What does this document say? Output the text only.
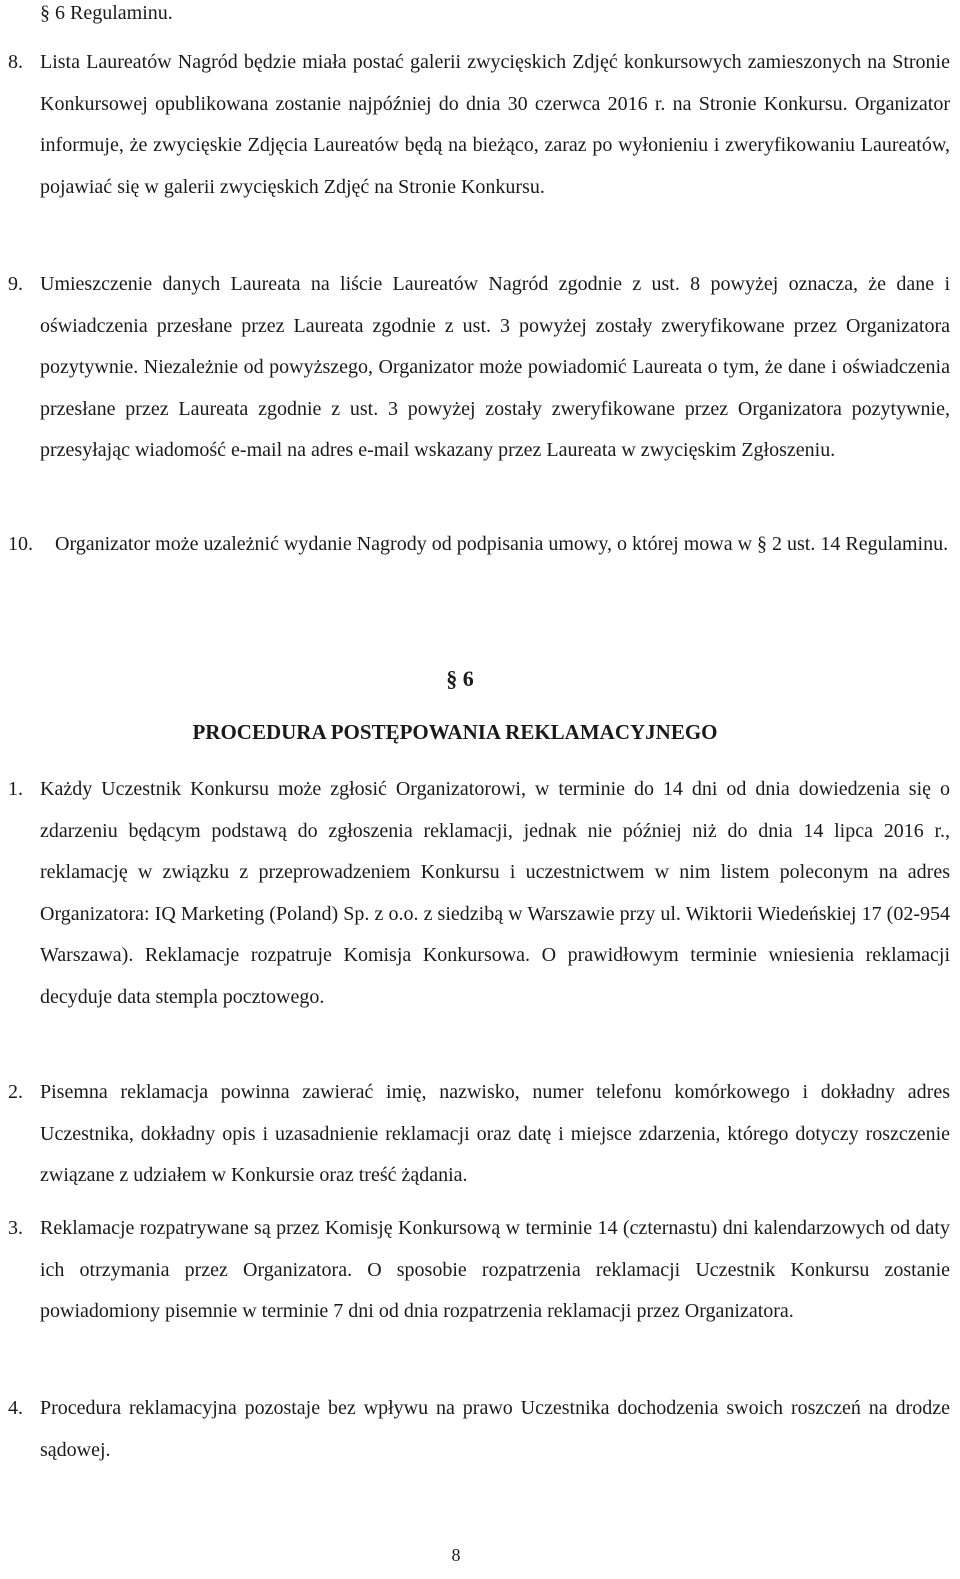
§ 6 Regulaminu.
8. Lista Laureatów Nagród będzie miała postać galerii zwycięskich Zdjęć konkursowych zamieszonych na Stronie Konkursowej opublikowana zostanie najpóźniej do dnia 30 czerwca 2016 r. na Stronie Konkursu. Organizator informuje, że zwycięskie Zdjęcia Laureatów będą na bieżąco, zaraz po wyłonieniu i zweryfikowaniu Laureatów, pojawiać się w galerii zwycięskich Zdjęć na Stronie Konkursu.
9. Umieszczenie danych Laureata na liście Laureatów Nagród zgodnie z ust. 8 powyżej oznacza, że dane i oświadczenia przesłane przez Laureata zgodnie z ust. 3 powyżej zostały zweryfikowane przez Organizatora pozytywnie. Niezależnie od powyższego, Organizator może powiadomić Laureata o tym, że dane i oświadczenia przesłane przez Laureata zgodnie z ust. 3 powyżej zostały zweryfikowane przez Organizatora pozytywnie, przesyłając wiadomość e-mail na adres e-mail wskazany przez Laureata w zwycięskim Zgłoszeniu.
10. Organizator może uzależnić wydanie Nagrody od podpisania umowy, o której mowa w § 2 ust. 14 Regulaminu.
§ 6
PROCEDURA POSTĘPOWANIA REKLAMACYJNEGO
1. Każdy Uczestnik Konkursu może zgłosić Organizatorowi, w terminie do 14 dni od dnia dowiedzenia się o zdarzeniu będącym podstawą do zgłoszenia reklamacji, jednak nie później niż do dnia 14 lipca 2016 r., reklamację w związku z przeprowadzeniem Konkursu i uczestnictwem w nim listem poleconym na adres Organizatora: IQ Marketing (Poland) Sp. z o.o. z siedzibą w Warszawie przy ul. Wiktorii Wiedeńskiej 17 (02-954 Warszawa). Reklamacje rozpatruje Komisja Konkursowa. O prawidłowym terminie wniesienia reklamacji decyduje data stempla pocztowego.
2. Pisemna reklamacja powinna zawierać imię, nazwisko, numer telefonu komórkowego i dokładny adres Uczestnika, dokładny opis i uzasadnienie reklamacji oraz datę i miejsce zdarzenia, którego dotyczy roszczenie związane z udziałem w Konkursie oraz treść żądania.
3. Reklamacje rozpatrywane są przez Komisję Konkursową w terminie 14 (czternastu) dni kalendarzowych od daty ich otrzymania przez Organizatora. O sposobie rozpatrzenia reklamacji Uczestnik Konkursu zostanie powiadomiony pisemnie w terminie 7 dni od dnia rozpatrzenia reklamacji przez Organizatora.
4. Procedura reklamacyjna pozostaje bez wpływu na prawo Uczestnika dochodzenia swoich roszczeń na drodze sądowej.
8
